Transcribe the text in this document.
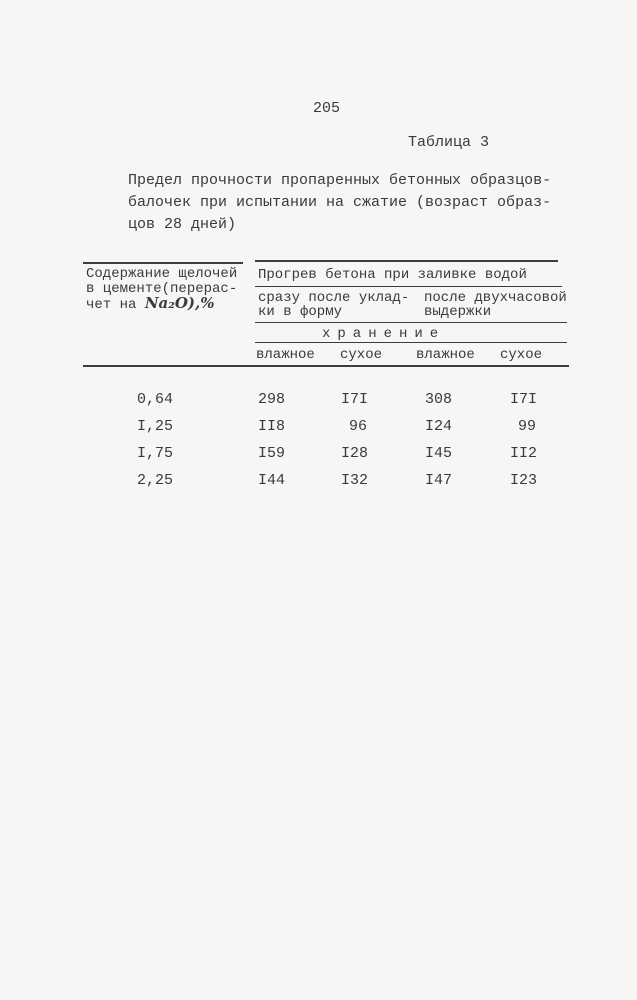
205
Таблица 3
Предел прочности пропаренных бетонных образцов-
балочек при испытании на сжатие (возраст образ-
цов 28 дней)
Содержание щелочей
в цементе(перерас-
чет на Na₂O),%
Прогрев бетона при заливке водой
сразу после уклад-
ки в форму
после двухчасовой
выдержки
хранение
влажное сухое влажное сухое
0,64	298	I7I	308	I7I
I,25	II8	96	I24	99
I,75	I59	I28	I45	II2
2,25	I44	I32	I47	I23
